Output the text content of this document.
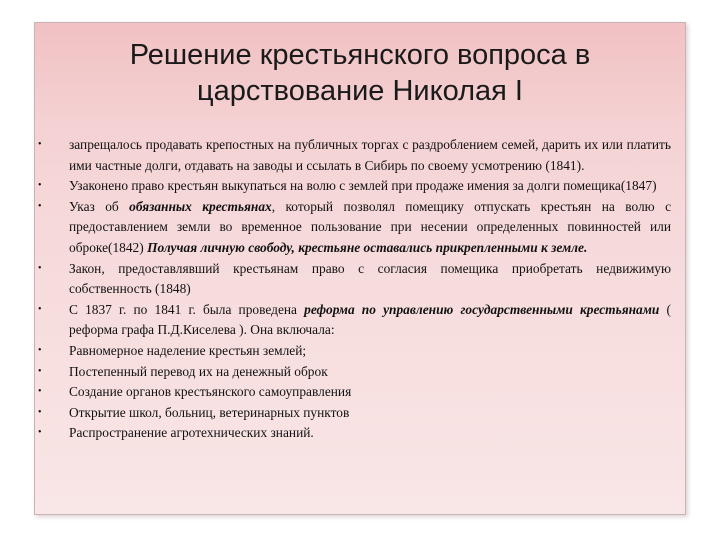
Решение крестьянского вопроса в
царствование Николая I
• запрещалось продавать крепостных на публичных торгах с раздроблением семей, дарить их или платить ими частные долги, отдавать на заводы и ссылать в Сибирь по своему усмотрению (1841).
• Узаконено право крестьян выкупаться на волю с землей при продаже имения за долги помещика(1847)
• Указ об обязанных крестьянах, который позволял помещику отпускать крестьян на волю с предоставлением земли во временное пользование при несении определенных повинностей или оброке(1842) Получая личную свободу, крестьяне оставались прикрепленными к земле.
• Закон, предоставлявший крестьянам право с согласия помещика приобретать недвижимую собственность (1848)
• С 1837 г. по 1841 г. была проведена реформа по управлению государственными крестьянами ( реформа графа П.Д.Киселева ). Она включала:
• Равномерное наделение крестьян землей;
• Постепенный перевод их на денежный оброк
• Создание органов крестьянского самоуправления
• Открытие школ, больниц, ветеринарных пунктов
• Распространение агротехнических знаний.
